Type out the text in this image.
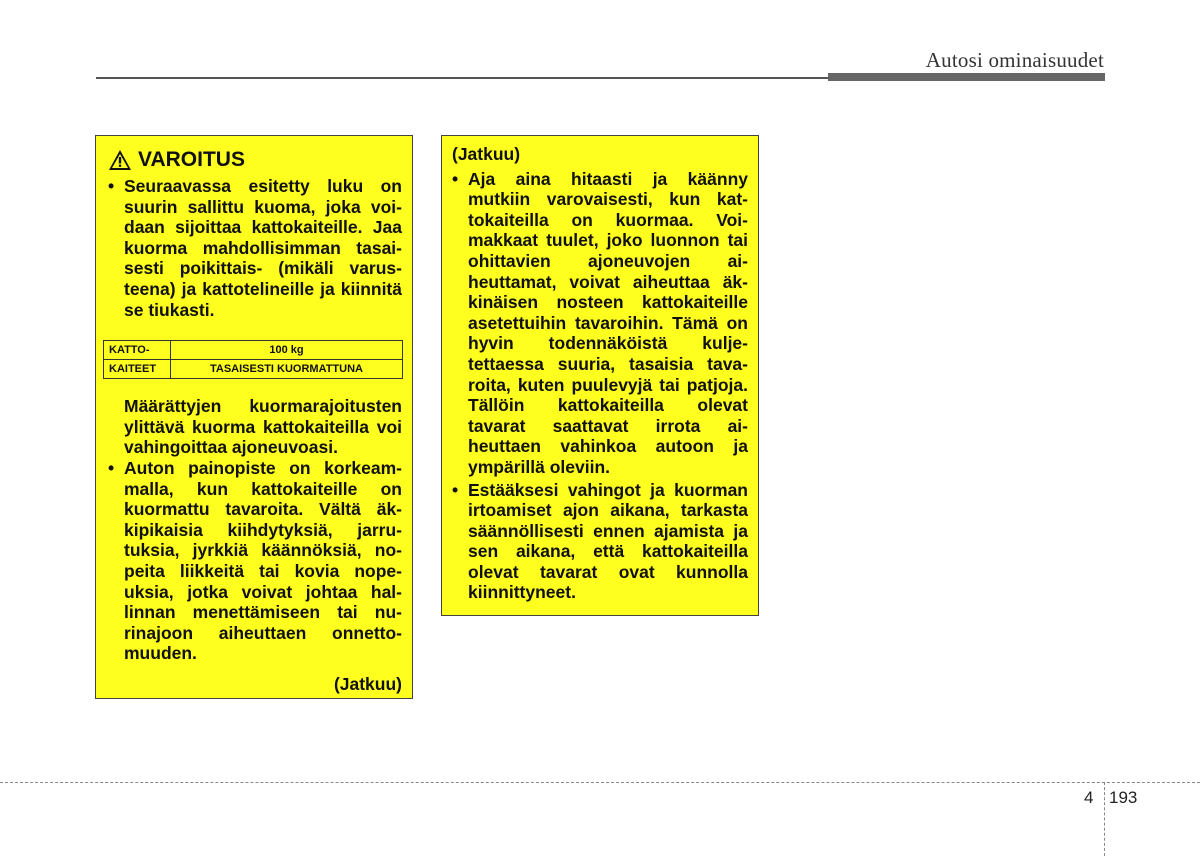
Autosi ominaisuudet
VAROITUS
• Seuraavassa esitetty luku on suurin sallittu kuoma, joka voidaan sijoittaa kattokaiteille. Jaa kuorma mahdollisimman tasaisesti poikittais- (mikäli varusteena) ja kattotelineille ja kiinnitä se tiukasti.
KATTO-	100 kg
KAITEET	TASAISESTI KUORMATTUNA
Määrättyjen kuormarajoitusten ylittävä kuorma kattokaiteilla voi vahingoittaa ajoneuvoasi.
• Auton painopiste on korkeammalla, kun kattokaiteille on kuormattu tavaroita. Vältä äkkipikaisia kiihdytyksiä, jarrutuksia, jyrkkiä käännöksiä, nopeita liikkeitä tai kovia nopeuksia, jotka voivat johtaa hallinnan menettämiseen tai nurinajoon aiheuttaen onnettomuuden.
(Jatkuu)
(Jatkuu)
• Aja aina hitaasti ja käänny mutkiin varovaisesti, kun kattokaiteilla on kuormaa. Voimakkaat tuulet, joko luonnon tai ohittavien ajoneuvojen aiheuttamat, voivat aiheuttaa äkkinäisen nosteen kattokaiteille asetettuihin tavaroihin. Tämä on hyvin todennäköistä kuljetettaessa suuria, tasaisia tavaroita, kuten puulevyjä tai patjoja. Tällöin kattokaiteilla olevat tavarat saattavat irrota aiheuttaen vahinkoa autoon ja ympärillä oleviin.
• Estääksesi vahingot ja kuorman irtoamiset ajon aikana, tarkasta säännöllisesti ennen ajamista ja sen aikana, että kattokaiteilla olevat tavarat ovat kunnolla kiinnittyneet.
4 193
